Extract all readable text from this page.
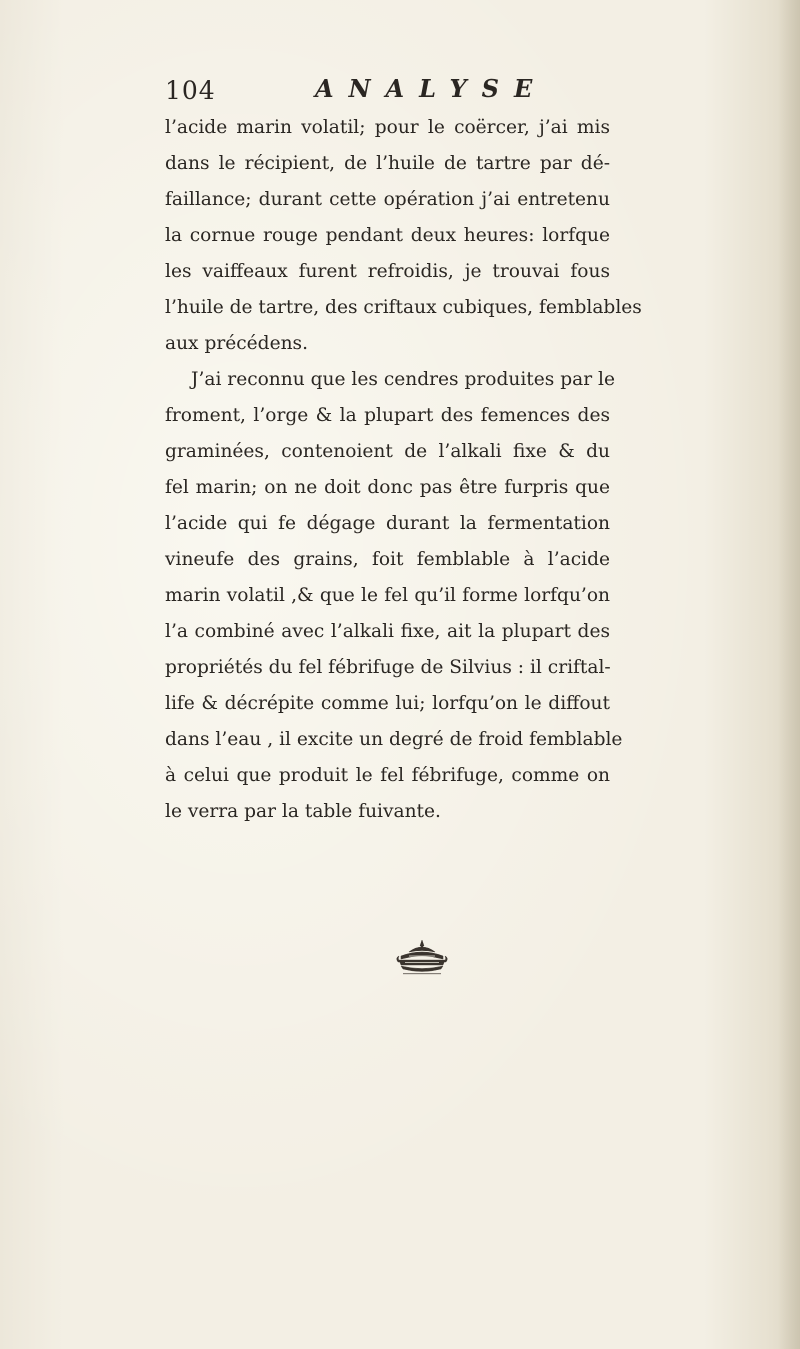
104	ANALYSE
l’acide marin volatil; pour le coërcer, j’ai mis
dans le récipient, de l’huile de tartre par dé-
faillance; durant cette opération j’ai entretenu
la cornue rouge pendant deux heures: lorfque
les vaiffeaux furent refroidis, je trouvai fous
l’huile de tartre, des criftaux cubiques, femblables
aux précédens.
J’ai reconnu que les cendres produites par le
froment, l’orge & la plupart des femences des
graminées, contenoient de l’alkali fixe & du
fel marin; on ne doit donc pas être furpris que
l’acide qui fe dégage durant la fermentation
vineufe des grains, foit femblable à l’acide
marin volatil ,& que le fel qu’il forme lorfqu’on
l’a combiné avec l’alkali fixe, ait la plupart des
propriétés du fel fébrifuge de Silvius : il criftal-
life & décrépite comme lui; lorfqu’on le diffout
dans l’eau , il excite un degré de froid femblable
à celui que produit le fel fébrifuge, comme on
le verra par la table fuivante.
